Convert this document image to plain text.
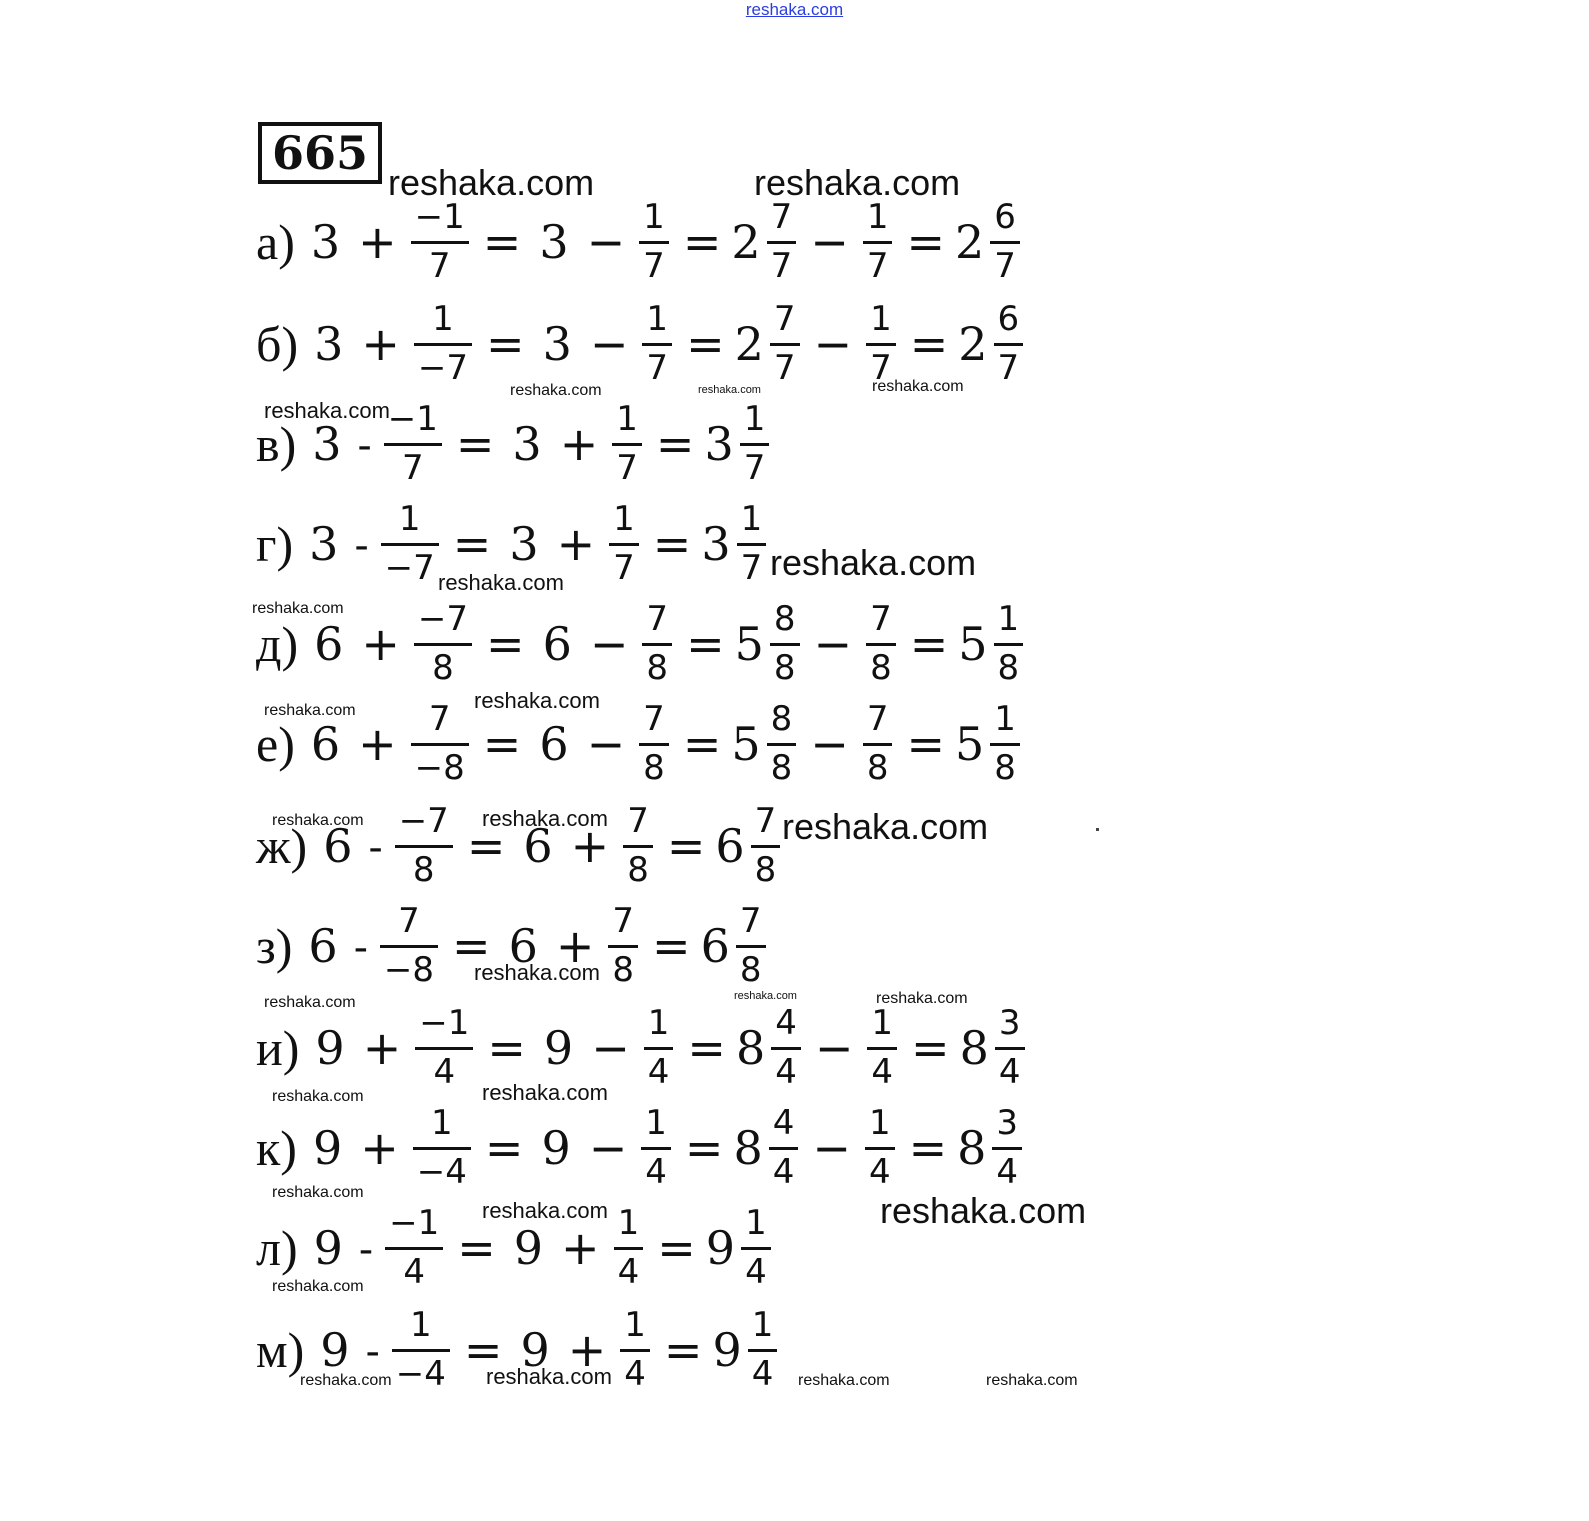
reshaka.com
665
а) $3 + \frac{-1}{7} = 3 - \frac{1}{7} = 2 \frac{7}{7} - \frac{1}{7} = 2 \frac{6}{7}$
б) $3 + \frac{1}{-7} = 3 - \frac{1}{7} = 2 \frac{7}{7} - \frac{1}{7} = 2 \frac{6}{7}$
в) $3 - \frac{-1}{7} = 3 + \frac{1}{7} = 3 \frac{1}{7}$
г) $3 - \frac{1}{-7} = 3 + \frac{1}{7} = 3 \frac{1}{7}$
д) $6 + \frac{-7}{8} = 6 - \frac{7}{8} = 5 \frac{8}{8} - \frac{7}{8} = 5 \frac{1}{8}$
е) $6 + \frac{7}{-8} = 6 - \frac{7}{8} = 5 \frac{8}{8} - \frac{7}{8} = 5 \frac{1}{8}$
ж) $6 - \frac{-7}{8} = 6 + \frac{7}{8} = 6 \frac{7}{8}$
з) $6 - \frac{7}{-8} = 6 + \frac{7}{8} = 6 \frac{7}{8}$
и) $9 + \frac{-1}{4} = 9 - \frac{1}{4} = 8 \frac{4}{4} - \frac{1}{4} = 8 \frac{3}{4}$
к) $9 + \frac{1}{-4} = 9 - \frac{1}{4} = 8 \frac{4}{4} - \frac{1}{4} = 8 \frac{3}{4}$
л) $9 - \frac{-1}{4} = 9 + \frac{1}{4} = 9 \frac{1}{4}$
м) $9 - \frac{1}{-4} = 9 + \frac{1}{4} = 9 \frac{1}{4}$
reshaka.com	reshaka.com
reshaka.com	reshaka.com	reshaka.com
reshaka.com
reshaka.com
reshaka.com
reshaka.com
reshaka.com
reshaka.com
reshaka.com
reshaka.com
reshaka.com
reshaka.com
reshaka.com	reshaka.com
reshaka.com
reshaka.com
reshaka.com
reshaka.com	reshaka.com
reshaka.com
reshaka.com
reshaka.com	reshaka.com	reshaka.com	reshaka.com
